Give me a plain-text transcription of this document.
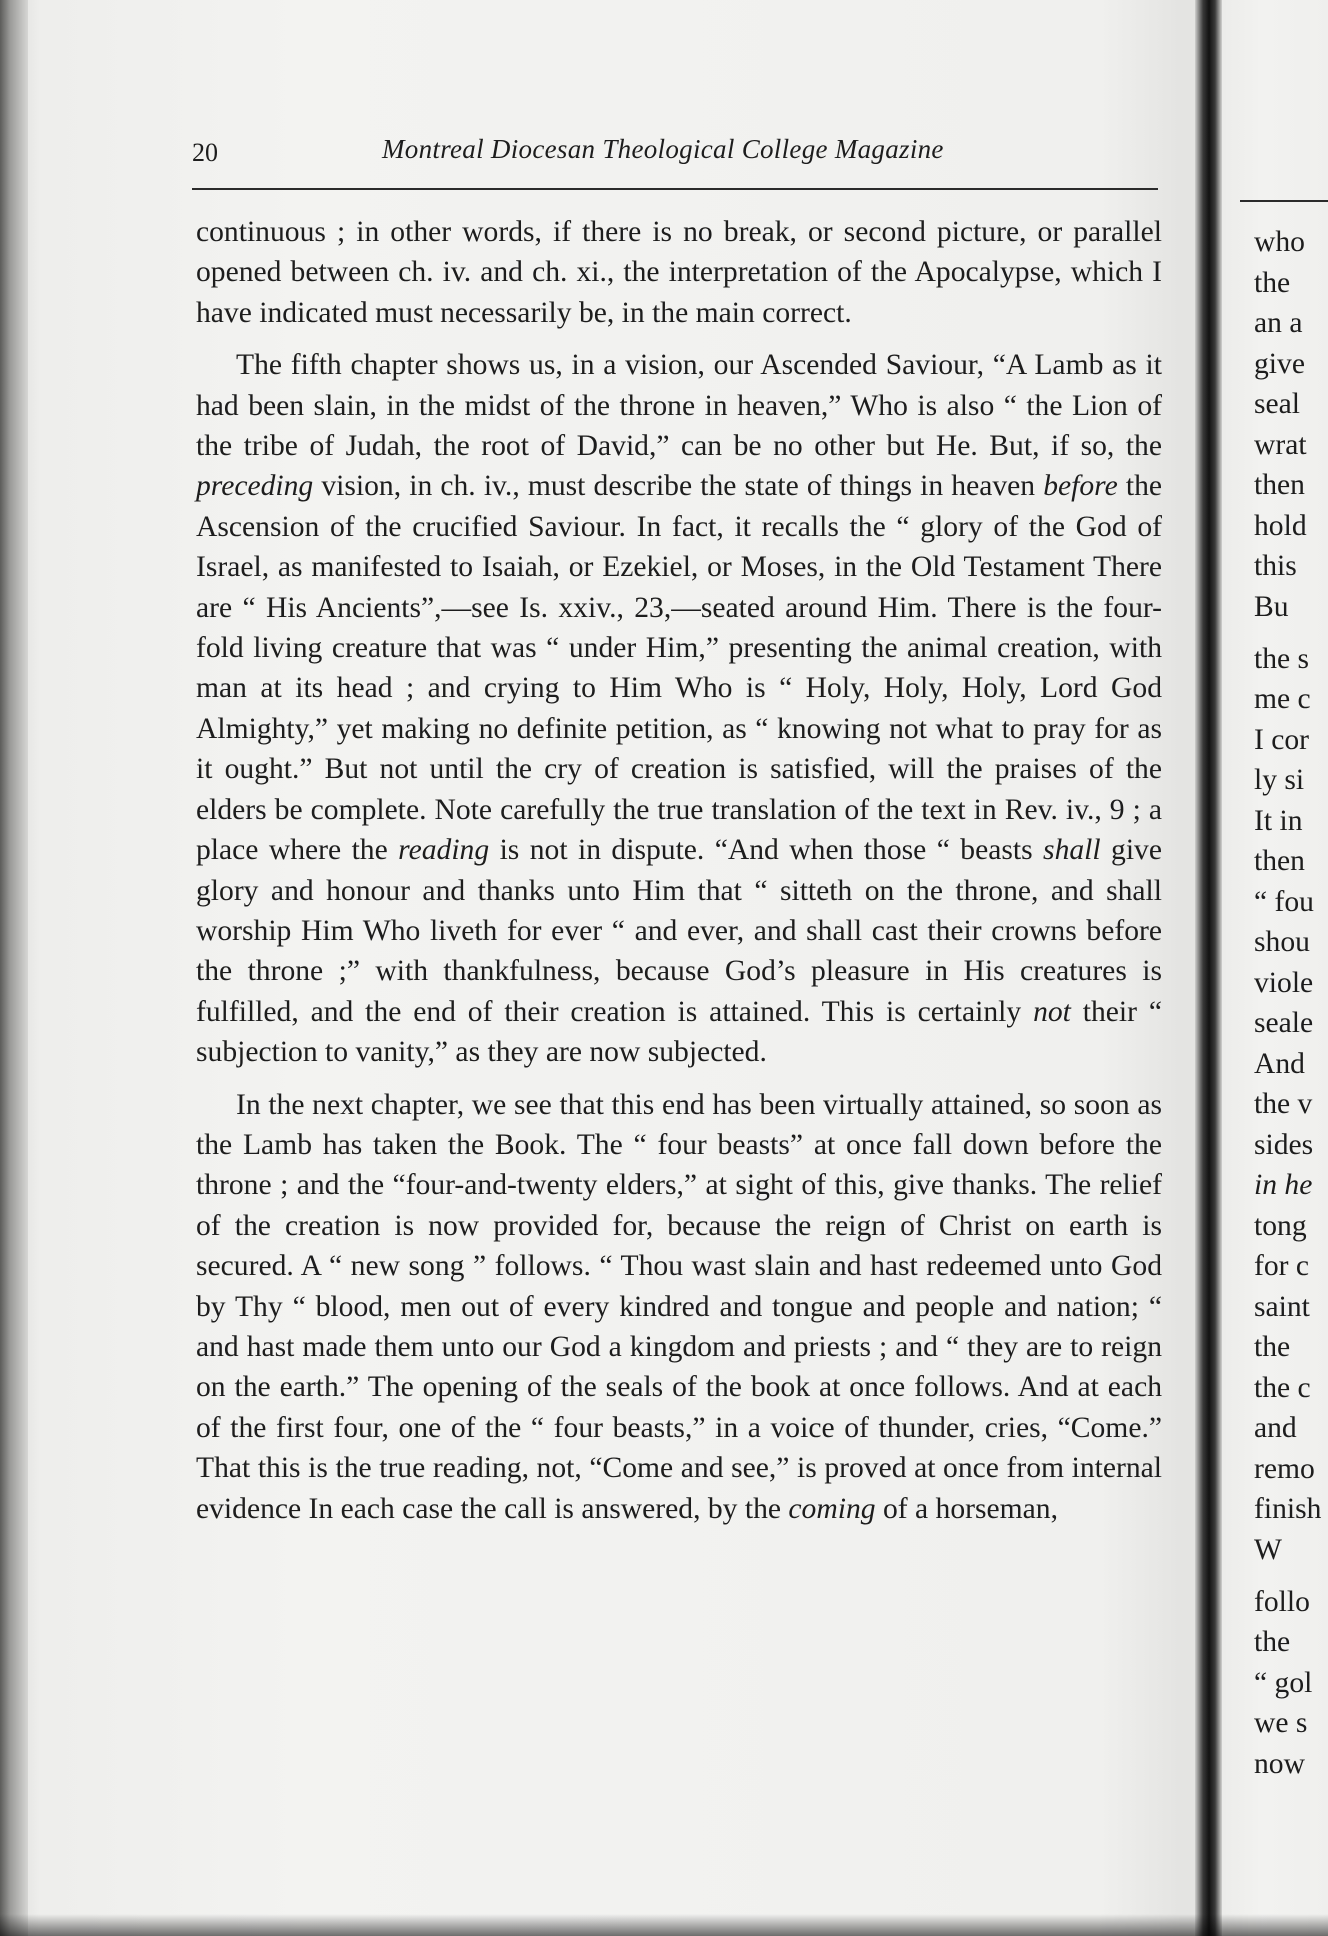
20	Montreal Diocesan Theological College Magazine

continuous ; in other words, if there is no break, or second picture, or parallel opened between ch. iv. and ch. xi., the interpretation of the Apocalypse, which I have indicated must necessarily be, in the main correct.

The fifth chapter shows us, in a vision, our Ascended Saviour, “A Lamb as it had been slain, in the midst of the throne in heaven,” Who is also “ the Lion of the tribe of Judah, the root of David,” can be no other but He. But, if so, the preceding vision, in ch. iv., must describe the state of things in heaven before the Ascension of the crucified Saviour. In fact, it recalls the “ glory of the God of Israel, as manifested to Isaiah, or Ezekiel, or Moses, in the Old Testament There are “ His Ancients”,—see Is. xxiv., 23,—seated around Him. There is the four-fold living creature that was “ under Him,” presenting the animal creation, with man at its head ; and crying to Him Who is “ Holy, Holy, Holy, Lord God Almighty,” yet making no definite petition, as “ knowing not what to pray for as it ought.” But not until the cry of creation is satisfied, will the praises of the elders be complete. Note carefully the true translation of the text in Rev. iv., 9 ; a place where the reading is not in dispute. “And when those “ beasts shall give glory and honour and thanks unto Him that “ sitteth on the throne, and shall worship Him Who liveth for ever “ and ever, and shall cast their crowns before the throne ;” with thankfulness, because God’s pleasure in His creatures is fulfilled, and the end of their creation is attained. This is certainly not their “ subjection to vanity,” as they are now subjected.

In the next chapter, we see that this end has been virtually attained, so soon as the Lamb has taken the Book. The “ four beasts” at once fall down before the throne ; and the “four-and-twenty elders,” at sight of this, give thanks. The relief of the creation is now provided for, because the reign of Christ on earth is secured. A “ new song ” follows. “ Thou wast slain and hast redeemed unto God by Thy “ blood, men out of every kindred and tongue and people and nation; “ and hast made them unto our God a kingdom and priests ; and “ they are to reign on the earth.” The opening of the seals of the book at once follows. And at each of the first four, one of the “ four beasts,” in a voice of thunder, cries, “Come.” That this is the true reading, not, “Come and see,” is proved at once from internal evidence In each case the call is answered, by the coming of a horseman,

who
the
an a
give
seal
wrat
then
hold
this
Bu
the s
me c
I cor
ly si
It in
then
“ fou
shou
viole
seale
And
the v
sides
in he
tong
for c
saint
the
the c
and
remo
finish
W
follo
the
“ gol
we s
now
